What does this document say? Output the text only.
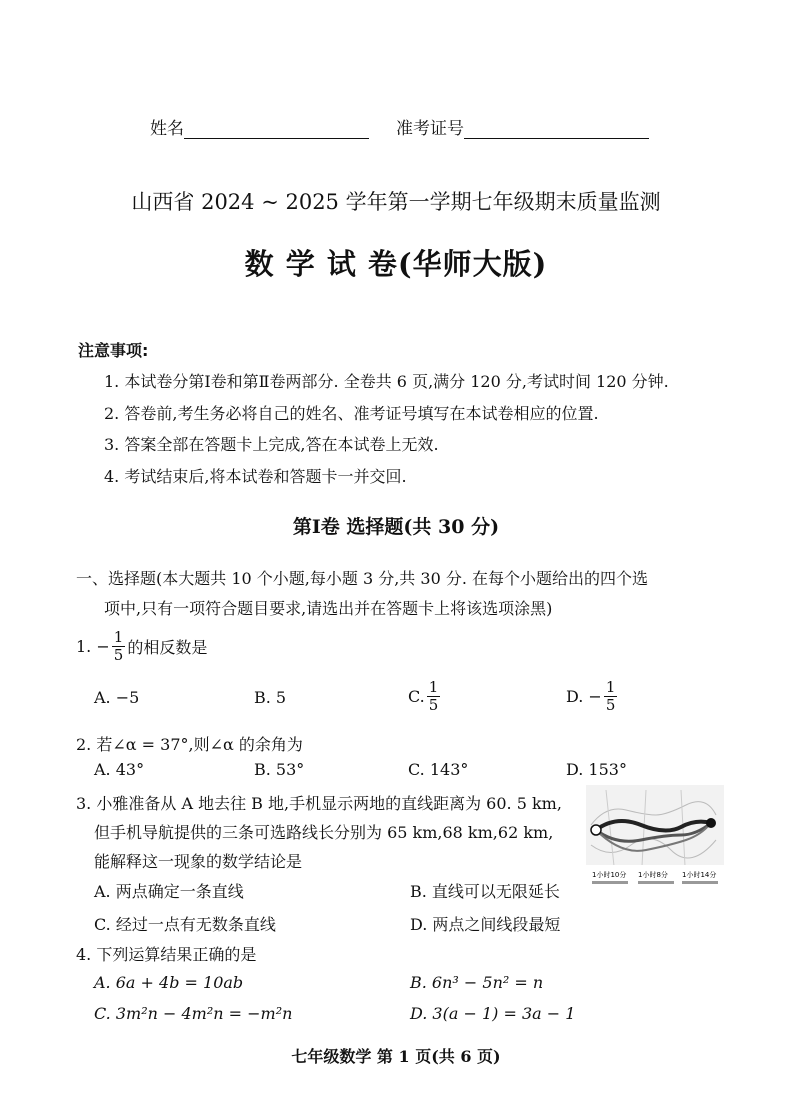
姓名	准考证号
山西省 2024 ~ 2025 学年第一学期七年级期末质量监测
数 学 试 卷(华师大版)
注意事项:
1. 本试卷分第Ⅰ卷和第Ⅱ卷两部分. 全卷共 6 页,满分 120 分,考试时间 120 分钟.
2. 答卷前,考生务必将自己的姓名、准考证号填写在本试卷相应的位置.
3. 答案全部在答题卡上完成,答在本试卷上无效.
4. 考试结束后,将本试卷和答题卡一并交回.
第Ⅰ卷 选择题(共 30 分)
一、选择题(本大题共 10 个小题,每小题 3 分,共 30 分. 在每个小题给出的四个选
项中,只有一项符合题目要求,请选出并在答题卡上将该选项涂黑)
1. − $\frac{1}{5}$ 的相反数是
A. −5	B. 5	C. $\frac{1}{5}$	D. − $\frac{1}{5}$
2. 若∠α = 37°,则∠α 的余角为
A. 43°	B. 53°	C. 143°	D. 153°
3. 小雅准备从 A 地去往 B 地,手机显示两地的直线距离为 60. 5 km,
但手机导航提供的三条可选路线长分别为 65 km,68 km,62 km,
能解释这一现象的数学结论是
1小时10分 1小时8分 1小时14分
A. 两点确定一条直线	B. 直线可以无限延长
C. 经过一点有无数条直线	D. 两点之间线段最短
4. 下列运算结果正确的是
A. 6a + 4b = 10ab	B. 6n³ − 5n² = n
C. 3m²n − 4m²n = −m²n	D. 3(a − 1) = 3a − 1
七年级数学 第 1 页(共 6 页)
